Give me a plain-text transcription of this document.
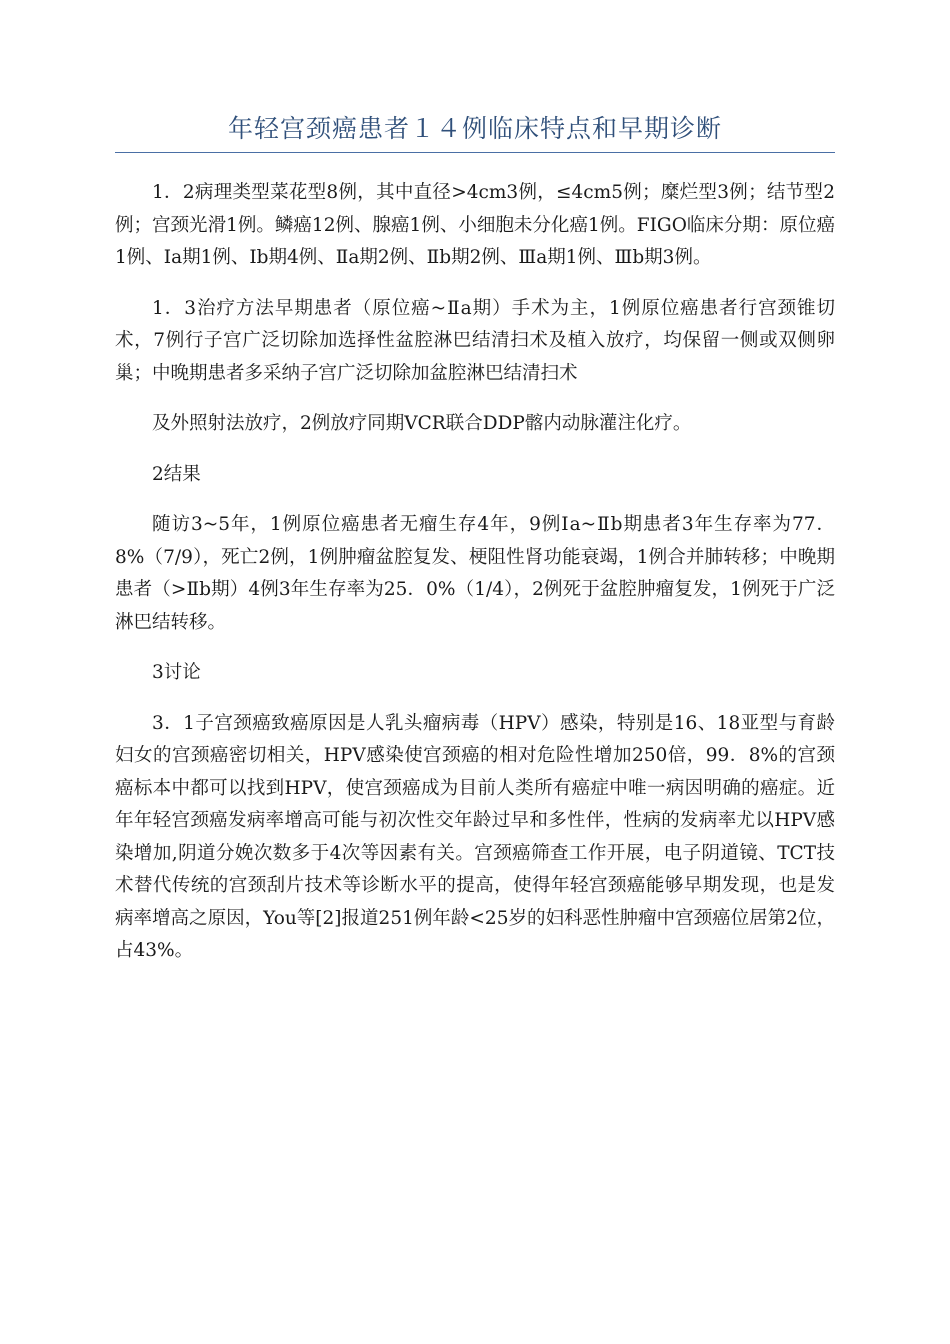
年轻宫颈癌患者１４例临床特点和早期诊断

1．2病理类型菜花型8例，其中直径>4cm3例，≤4cm5例；糜烂型3例；结节型2例；宫颈光滑1例。鳞癌12例、腺癌1例、小细胞未分化癌1例。FIGO临床分期：原位癌1例、Ⅰa期1例、Ⅰb期4例、Ⅱa期2例、Ⅱb期2例、Ⅲa期1例、Ⅲb期3例。

1．3治疗方法早期患者（原位癌~Ⅱa期）手术为主，1例原位癌患者行宫颈锥切术，7例行子宫广泛切除加选择性盆腔淋巴结清扫术及植入放疗，均保留一侧或双侧卵巢；中晚期患者多采纳子宫广泛切除加盆腔淋巴结清扫术

及外照射法放疗，2例放疗同期VCR联合DDP髂内动脉灌注化疗。

2结果

随访3~5年，1例原位癌患者无瘤生存4年，9例Ⅰa~Ⅱb期患者3年生存率为77．8%（7/9），死亡2例，1例肿瘤盆腔复发、梗阻性肾功能衰竭，1例合并肺转移；中晚期患者（>Ⅱb期）4例3年生存率为25．0%（1/4），2例死于盆腔肿瘤复发，1例死于广泛淋巴结转移。

3讨论

3．1子宫颈癌致癌原因是人乳头瘤病毒（HPV）感染，特别是16、18亚型与育龄妇女的宫颈癌密切相关，HPV感染使宫颈癌的相对危险性增加250倍，99．8%的宫颈癌标本中都可以找到HPV，使宫颈癌成为目前人类所有癌症中唯一病因明确的癌症。近年年轻宫颈癌发病率增高可能与初次性交年龄过早和多性伴，性病的发病率尤以HPV感染增加,阴道分娩次数多于4次等因素有关。宫颈癌筛查工作开展，电子阴道镜、TCT技术替代传统的宫颈刮片技术等诊断水平的提高，使得年轻宫颈癌能够早期发现，也是发病率增高之原因，You等[2]报道251例年龄<25岁的妇科恶性肿瘤中宫颈癌位居第2位，占43%。
